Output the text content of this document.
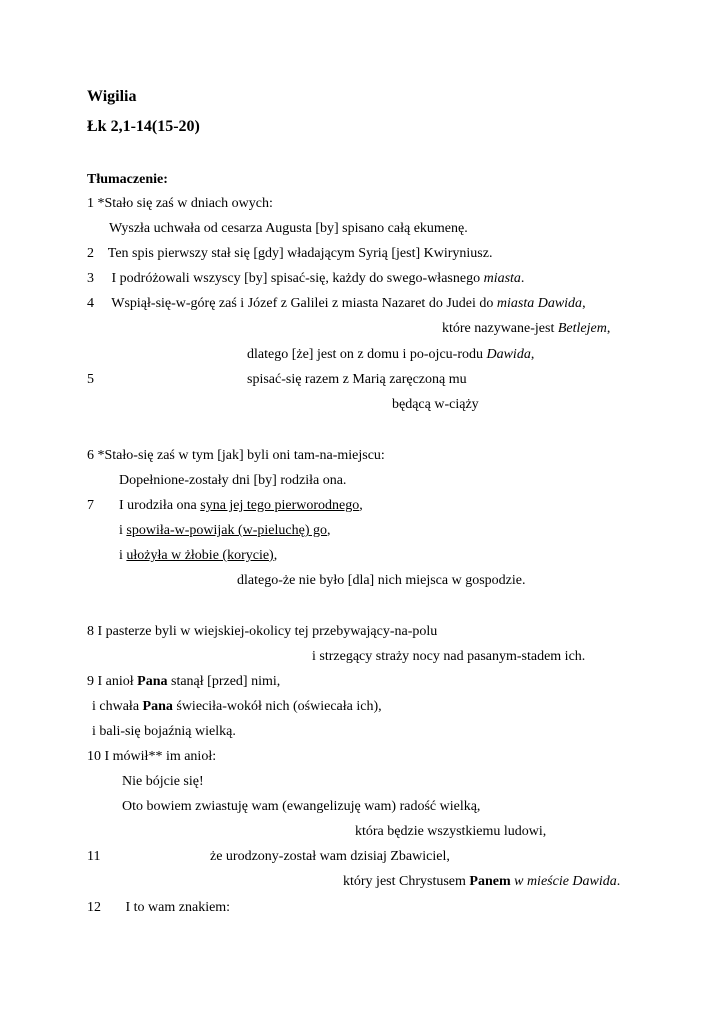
Wigilia
Łk 2,1-14(15-20)
Tłumaczenie:
1 *Stało się zaś w dniach owych:
Wyszła uchwała od cesarza Augusta [by] spisano całą ekumenę.
2    Ten spis pierwszy stał się [gdy] władającym Syrią [jest] Kwiryniusz.
3     I podróżowali wszyscy [by] spisać-się, każdy do swego-własnego miasta.
4     Wspiął-się-w-górę zaś i Józef z Galilei z miasta Nazaret do Judei do miasta Dawida,
które nazywane-jest Betlejem,
dlatego [że] jest on z domu i po-ojcu-rodu Dawida,
5	spisać-się razem z Marią zaręczoną mu
będącą w-ciąży
6 *Stało-się zaś w tym [jak] byli oni tam-na-miejscu:
Dopełnione-zostały dni [by] rodziła ona.
7 I urodziła ona syna jej tego pierworodnego,
i spowiła-w-powijak (w-pieluchę) go,
i ułożyła w żłobie (korycie),
dlatego-że nie było [dla] nich miejsca w gospodzie.
8 I pasterze byli w wiejskiej-okolicy tej przebywający-na-polu
i strzegący straży nocy nad pasanym-stadem ich.
9 I anioł Pana stanął [przed] nimi,
i chwała Pana świeciła-wokół nich (oświecała ich),
i bali-się bojaźnią wielką.
10 I mówił** im anioł:
Nie bójcie się!
Oto bowiem zwiastuję wam (ewangelizuję wam) radość wielką,
która będzie wszystkiemu ludowi,
11	że urodzony-został wam dzisiaj Zbawiciel,
który jest Chrystusem Panem w mieście Dawida.
12       I to wam znakiem:
